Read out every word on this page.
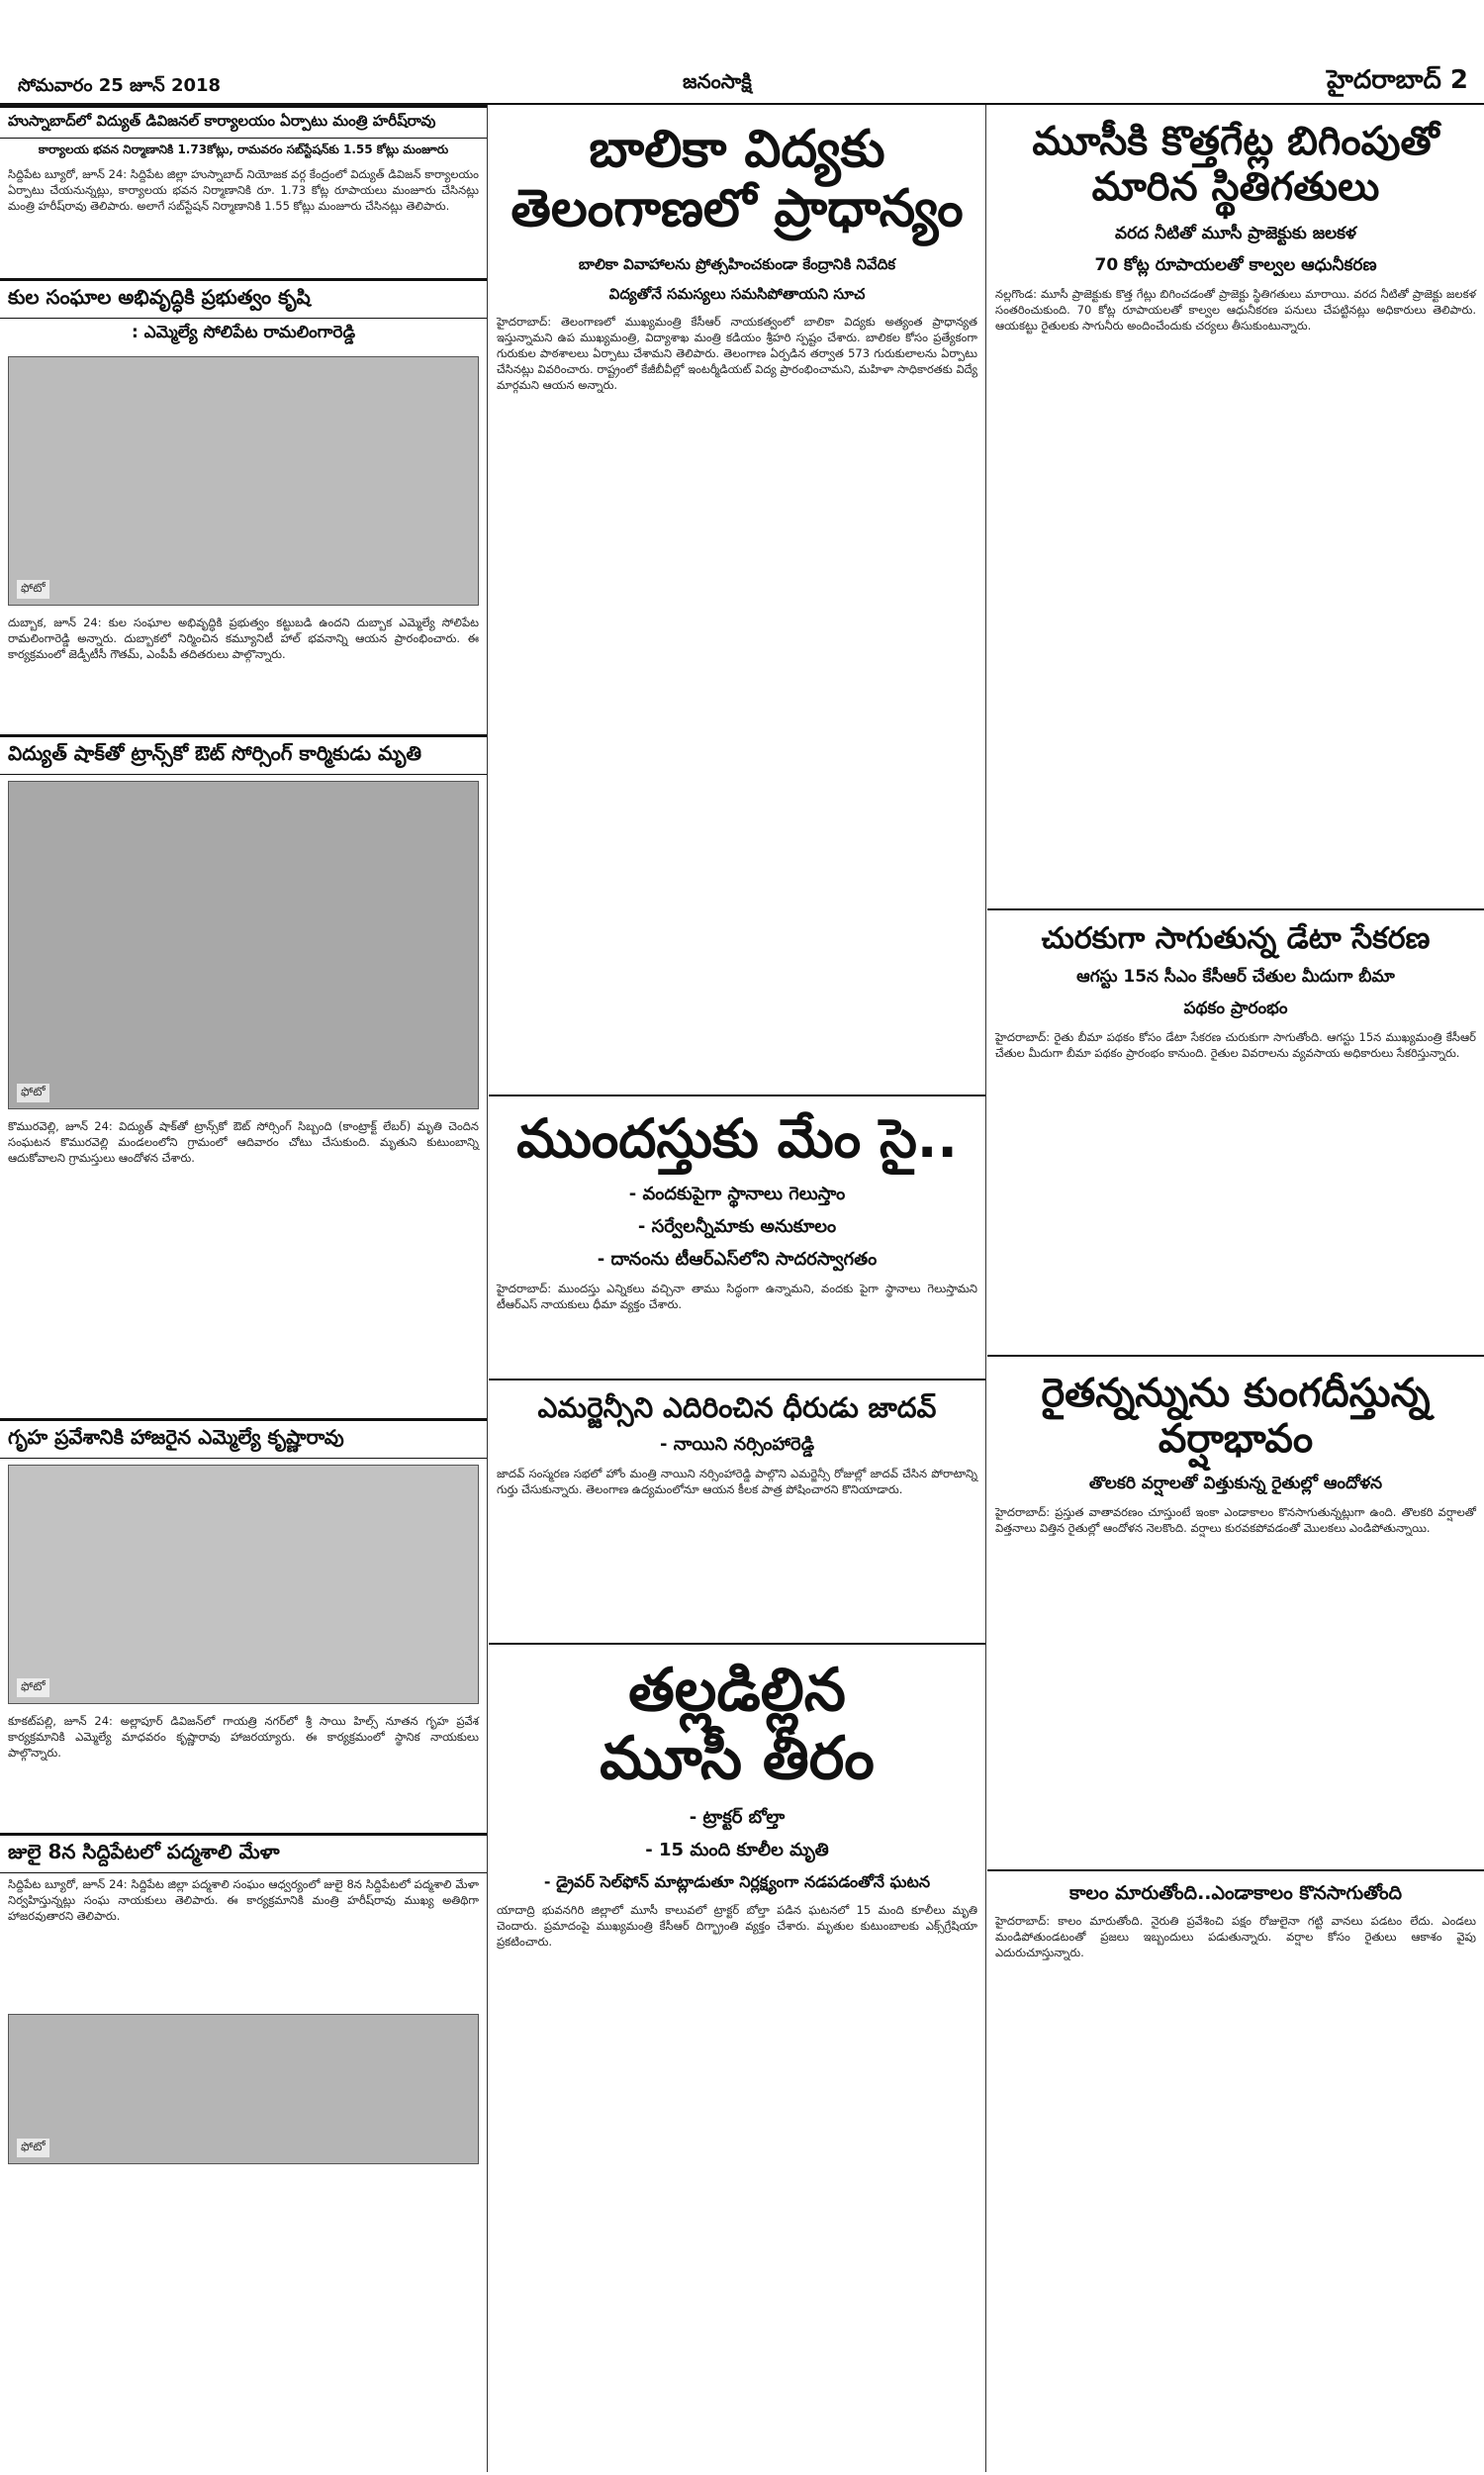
సోమవారం 25 జూన్ 2018	జనంసాక్షి	హైదరాబాద్ 2
హుస్నాబాద్‌లో విద్యుత్ డివిజనల్ కార్యాలయం ఏర్పాటు మంత్రి హరీష్‌రావు
కార్యాలయ భవన నిర్మాణానికి 1.73కోట్లు, రామవరం సబ్‌స్టేషన్‌కు 1.55 కోట్లు మంజూరు
సిద్దిపేట బ్యూరో, జూన్ 24: సిద్దిపేట జిల్లా హుస్నాబాద్ నియోజక వర్గ కేంద్రంలో విద్యుత్ డివిజన్ కార్యాలయం ఏర్పాటు చేయనున్నట్లు, కార్యాలయ భవన నిర్మాణానికి రూ. 1.73 కోట్ల రూపాయలు మంజూరు చేసినట్లు మంత్రి హరీష్‌రావు తెలిపారు. అలాగే సబ్‌స్టేషన్ నిర్మాణానికి 1.55 కోట్లు మంజూరు చేసినట్లు తెలిపారు.
కుల సంఘాల అభివృద్ధికి ప్రభుత్వం కృషి
: ఎమ్మెల్యే సోలిపేట రామలింగారెడ్డి
ఫోటో
దుబ్బాక, జూన్ 24: కుల సంఘాల అభివృద్ధికి ప్రభుత్వం కట్టుబడి ఉందని దుబ్బాక ఎమ్మెల్యే సోలిపేట రామలింగారెడ్డి అన్నారు. దుబ్బాకలో నిర్మించిన కమ్యూనిటీ హాల్ భవనాన్ని ఆయన ప్రారంభించారు. ఈ కార్యక్రమంలో జెడ్పీటీసీ గౌతమ్, ఎంపీపీ తదితరులు పాల్గొన్నారు.
విద్యుత్ షాక్‌తో ట్రాన్స్‌కో ఔట్ సోర్సింగ్ కార్మికుడు మృతి
ఫోటో
కొమురవెల్లి, జూన్ 24: విద్యుత్ షాక్‌తో ట్రాన్స్‌కో ఔట్ సోర్సింగ్ సిబ్బంది (కాంట్రాక్ట్ లేబర్) మృతి చెందిన సంఘటన కొమురవెల్లి మండలంలోని గ్రామంలో ఆదివారం చోటు చేసుకుంది. మృతుని కుటుంబాన్ని ఆదుకోవాలని గ్రామస్తులు ఆందోళన చేశారు.
గృహ ప్రవేశానికి హాజరైన ఎమ్మెల్యే కృష్ణారావు
ఫోటో
కూకట్‌పల్లి, జూన్ 24: అల్లాపూర్ డివిజన్‌లో గాయత్రి నగర్‌లో శ్రీ సాయి హిల్స్ నూతన గృహ ప్రవేశ కార్యక్రమానికి ఎమ్మెల్యే మాధవరం కృష్ణారావు హాజరయ్యారు. ఈ కార్యక్రమంలో స్థానిక నాయకులు పాల్గొన్నారు.
జులై 8న సిద్దిపేటలో పద్మశాలి మేళా
సిద్దిపేట బ్యూరో, జూన్ 24: సిద్దిపేట జిల్లా పద్మశాలి సంఘం ఆధ్వర్యంలో జులై 8న సిద్దిపేటలో పద్మశాలి మేళా నిర్వహిస్తున్నట్లు సంఘ నాయకులు తెలిపారు. ఈ కార్యక్రమానికి మంత్రి హరీష్‌రావు ముఖ్య అతిథిగా హాజరవుతారని తెలిపారు.
ఫోటో
బాలికా విద్యకు
తెలంగాణలో ప్రాధాన్యం
బాలికా వివాహాలను ప్రోత్సహించకుండా కేంద్రానికి నివేదిక
విద్యతోనే సమస్యలు సమసిపోతాయని సూచ
హైదరాబాద్: తెలంగాణలో ముఖ్యమంత్రి కేసీఆర్ నాయకత్వంలో బాలికా విద్యకు అత్యంత ప్రాధాన్యత ఇస్తున్నామని ఉప ముఖ్యమంత్రి, విద్యాశాఖ మంత్రి కడియం శ్రీహరి స్పష్టం చేశారు. బాలికల కోసం ప్రత్యేకంగా గురుకుల పాఠశాలలు ఏర్పాటు చేశామని తెలిపారు. తెలంగాణ ఏర్పడిన తర్వాత 573 గురుకులాలను ఏర్పాటు చేసినట్లు వివరించారు. రాష్ట్రంలో కేజీబీవీల్లో ఇంటర్మీడియట్ విద్య ప్రారంభించామని, మహిళా సాధికారతకు విద్యే మార్గమని ఆయన అన్నారు.
ముందస్తుకు మేం సై..
- వందకుపైగా స్థానాలు గెలుస్తాం
- సర్వేలన్నీమాకు అనుకూలం
- దానంను టీఆర్ఎస్‌లోని సాదరస్వాగతం
హైదరాబాద్: ముందస్తు ఎన్నికలు వచ్చినా తాము సిద్ధంగా ఉన్నామని, వందకు పైగా స్థానాలు గెలుస్తామని టీఆర్ఎస్ నాయకులు ధీమా వ్యక్తం చేశారు.
ఎమర్జెన్సీని ఎదిరించిన ధీరుడు జాదవ్
- నాయిని నర్సింహారెడ్డి
జాదవ్ సంస్మరణ సభలో హోం మంత్రి నాయిని నర్సింహారెడ్డి పాల్గొని ఎమర్జెన్సీ రోజుల్లో జాదవ్ చేసిన పోరాటాన్ని గుర్తు చేసుకున్నారు. తెలంగాణ ఉద్యమంలోనూ ఆయన కీలక పాత్ర పోషించారని కొనియాడారు.
తల్లడిల్లిన
మూసీ తీరం
- ట్రాక్టర్ బోల్తా
- 15 మంది కూలీల మృతి
- డ్రైవర్ సెల్‌ఫోన్ మాట్లాడుతూ నిర్లక్ష్యంగా నడపడంతోనే ఘటన
యాదాద్రి భువనగిరి జిల్లాలో మూసీ కాలువలో ట్రాక్టర్ బోల్తా పడిన ఘటనలో 15 మంది కూలీలు మృతి చెందారు. ప్రమాదంపై ముఖ్యమంత్రి కేసీఆర్ దిగ్భ్రాంతి వ్యక్తం చేశారు. మృతుల కుటుంబాలకు ఎక్స్‌గ్రేషియా ప్రకటించారు.
మూసీకి కొత్తగేట్ల బిగింపుతో
మారిన స్థితిగతులు
వరద నీటితో మూసీ ప్రాజెక్టుకు జలకళ
70 కోట్ల రూపాయలతో కాల్వల ఆధునీకరణ
నల్లగొండ: మూసీ ప్రాజెక్టుకు కొత్త గేట్లు బిగించడంతో ప్రాజెక్టు స్థితిగతులు మారాయి. వరద నీటితో ప్రాజెక్టు జలకళ సంతరించుకుంది. 70 కోట్ల రూపాయలతో కాల్వల ఆధునీకరణ పనులు చేపట్టినట్లు అధికారులు తెలిపారు. ఆయకట్టు రైతులకు సాగునీరు అందించేందుకు చర్యలు తీసుకుంటున్నారు.
చురకుగా సాగుతున్న డేటా సేకరణ
ఆగస్టు 15న సీఎం కేసీఆర్ చేతుల మీదుగా బీమా
పథకం ప్రారంభం
హైదరాబాద్: రైతు బీమా పథకం కోసం డేటా సేకరణ చురుకుగా సాగుతోంది. ఆగస్టు 15న ముఖ్యమంత్రి కేసీఆర్ చేతుల మీదుగా బీమా పథకం ప్రారంభం కానుంది. రైతుల వివరాలను వ్యవసాయ అధికారులు సేకరిస్తున్నారు.
రైతన్నన్నును కుంగదీస్తున్న
వర్షాభావం
తొలకరి వర్షాలతో విత్తుకున్న రైతుల్లో ఆందోళన
హైదరాబాద్: ప్రస్తుత వాతావరణం చూస్తుంటే ఇంకా ఎండాకాలం కొనసాగుతున్నట్లుగా ఉంది. తొలకరి వర్షాలతో విత్తనాలు విత్తిన రైతుల్లో ఆందోళన నెలకొంది. వర్షాలు కురవకపోవడంతో మొలకలు ఎండిపోతున్నాయి.
కాలం మారుతోంది..ఎండాకాలం కొనసాగుతోంది
హైదరాబాద్: కాలం మారుతోంది. నైరుతి ప్రవేశించి పక్షం రోజులైనా గట్టి వానలు పడటం లేదు. ఎండలు మండిపోతుండటంతో ప్రజలు ఇబ్బందులు పడుతున్నారు. వర్షాల కోసం రైతులు ఆకాశం వైపు ఎదురుచూస్తున్నారు.
